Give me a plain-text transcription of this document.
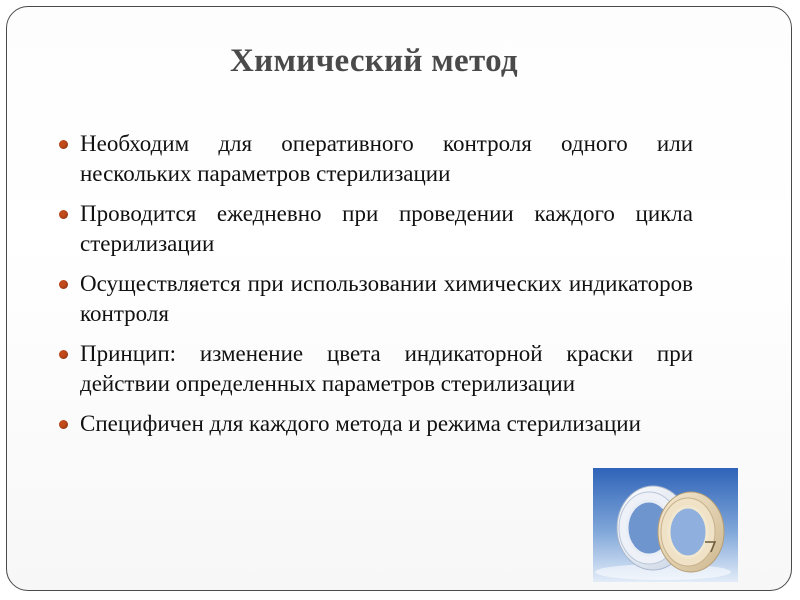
Химический метод
Необходим для оперативного контроля одного или нескольких параметров стерилизации
Проводится ежедневно при проведении каждого цикла стерилизации
Осуществляется при использовании химических индикаторов контроля
Принцип: изменение цвета индикаторной краски при действии определенных параметров стерилизации
Специфичен для каждого метода и режима стерилизации
